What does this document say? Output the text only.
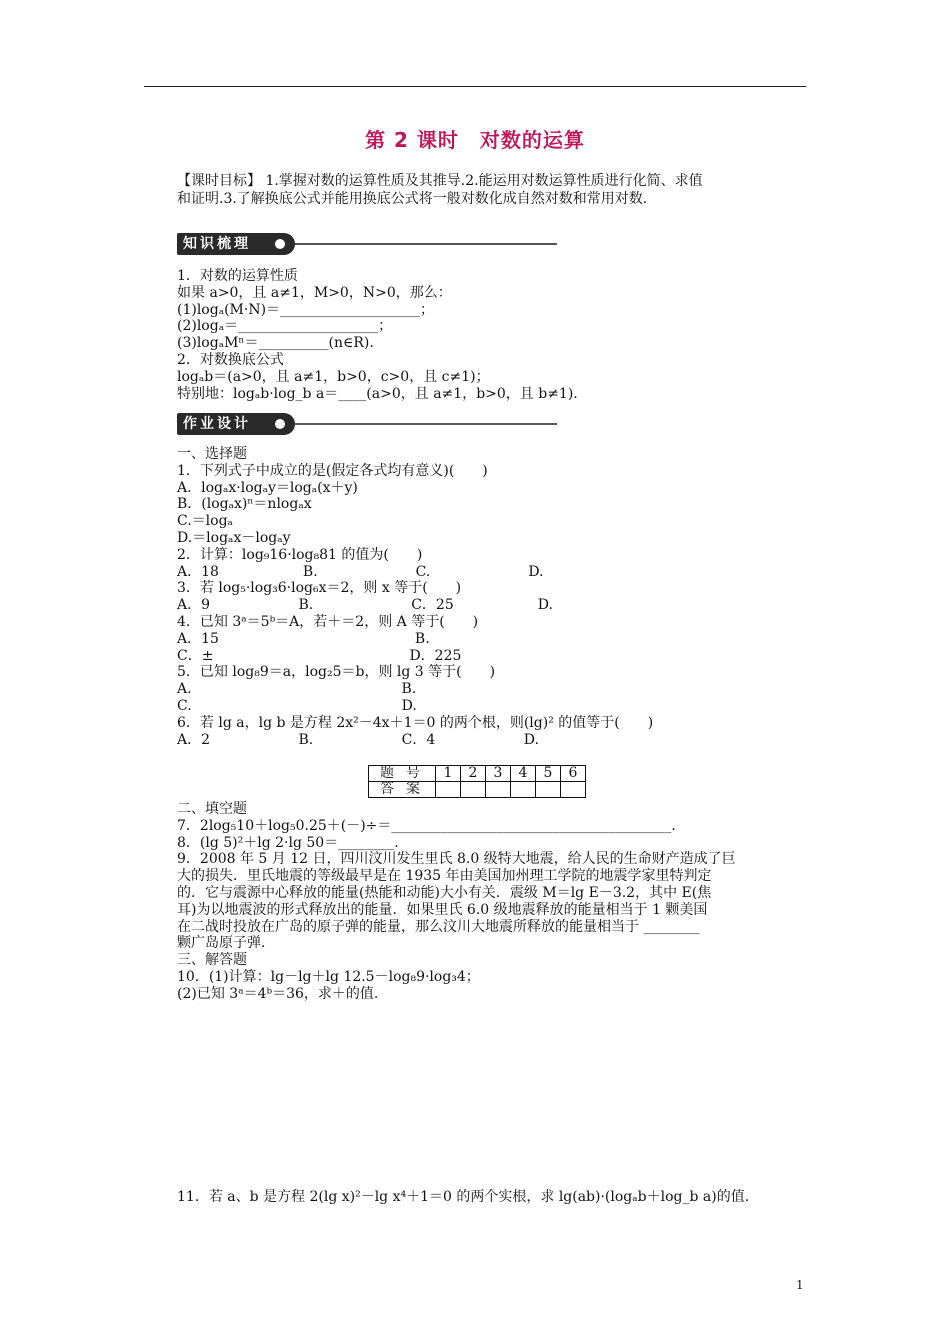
第 2 课时　对数的运算
【课时目标】 1.掌握对数的运算性质及其推导.2.能运用对数运算性质进行化简、求值
和证明.3.了解换底公式并能用换底公式将一般对数化成自然对数和常用对数.
知识梳理
1．对数的运算性质
如果 a>0，且 a≠1，M>0，N>0，那么：
(1)logₐ(M·N)＝____________________；
(2)logₐ＝____________________；
(3)logₐMⁿ＝__________(n∈R).
2．对数换底公式
logₐb＝(a>0，且 a≠1，b>0，c>0，且 c≠1)；
特别地：logₐb·log_b a＝____(a>0，且 a≠1，b>0，且 b≠1).
作业设计
一、选择题
1．下列式子中成立的是(假定各式均有意义)(　　)
A．logₐx·logₐy＝logₐ(x＋y)
B．(logₐx)ⁿ＝nlogₐx
C.＝logₐ
D.＝logₐx－logₐy
2．计算：log₉16·log₈81 的值为(　　)
A．18　　　　　　B.　　　　　　　C.　　　　　　　D.
3．若 log₅·log₃6·log₆x＝2，则 x 等于(　　)
A．9　　　　　　 B.　　　　　　　C．25　　　　　　D.
4．已知 3ᵃ＝5ᵇ＝A，若＋＝2，则 A 等于(　　)
A．15　　　　　　　　　　　　　　B.
C．±　　　　　　　　　　　　　　D．225
5．已知 log₈9＝a，log₂5＝b，则 lg 3 等于(　　)
A.　　　　　　　　　　　　　　　B.
C.　　　　　　　　　　　　　　　D.
6．若 lg a，lg b 是方程 2x²－4x＋1＝0 的两个根，则(lg)² 的值等于(　　)
A．2　　　　　　 B.　　　　　　 C．4　　　　　　 D.
题号	1	2	3	4	5	6
答案						
二、填空题
7．2log₅10＋log₅0.25＋(－)÷＝________________________________________.
8．(lg 5)²＋lg 2·lg 50＝________.
9．2008 年 5 月 12 日，四川汶川发生里氏 8.0 级特大地震，给人民的生命财产造成了巨
大的损失．里氏地震的等级最早是在 1935 年由美国加州理工学院的地震学家里特判定
的．它与震源中心释放的能量(热能和动能)大小有关．震级 M＝lg E－3.2，其中 E(焦
耳)为以地震波的形式释放出的能量．如果里氏 6.0 级地震释放的能量相当于 1 颗美国
在二战时投放在广岛的原子弹的能量，那么汶川大地震所释放的能量相当于 ________
颗广岛原子弹.
三、解答题
10．(1)计算：lg－lg＋lg 12.5－log₈9·log₃4；
(2)已知 3ᵃ＝4ᵇ＝36，求＋的值.
11．若 a、b 是方程 2(lg x)²－lg x⁴＋1＝0 的两个实根，求 lg(ab)·(logₐb＋log_b a)的值.
1
